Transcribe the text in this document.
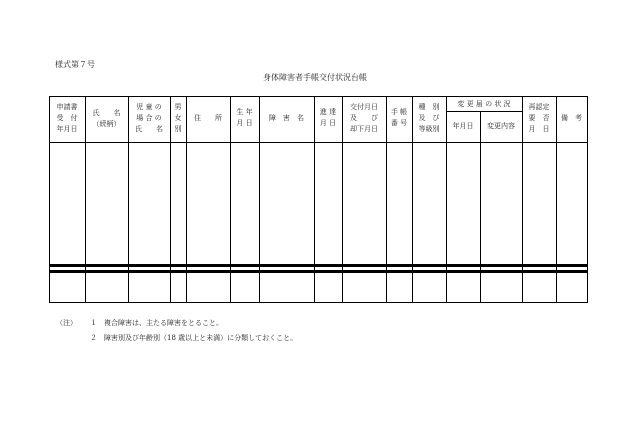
様式第７号
身体障害者手帳交付状況台帳
申請書
受　付
年月日
氏　　名
（続柄）
児 童 の
場 合 の
氏　　名
男
女
別
住　　所
生 年
月 日
障　害　名
進 達
月 日
交付月日
及　　び
却下月日
手 帳
番 号
種　別
及　び
等級別
変 更 届 の 状 況
年月日	変更内容
再認定
要　否
月　日
備　考
（注） １ 複合障害は、主たる障害をとること。
２ 障害別及び年齢別（18 歳以上と未満）に分類しておくこと。
